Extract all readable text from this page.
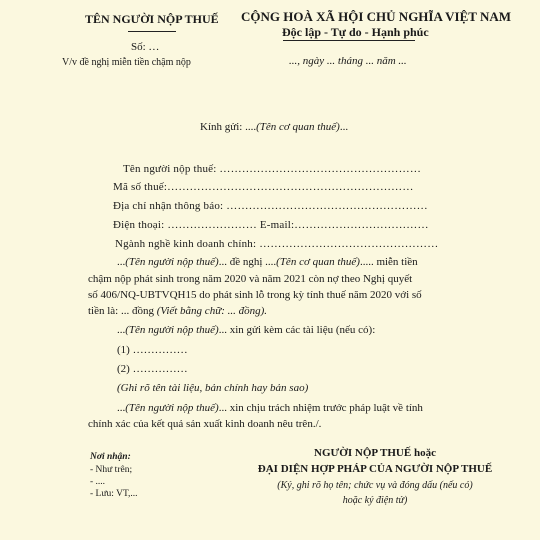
TÊN NGƯỜI NỘP THUẾ
Số: …
V/v đề nghị miễn tiền chậm nộp
CỘNG HOÀ XÃ HỘI CHỦ NGHĨA VIỆT NAM
Độc lập - Tự do - Hạnh phúc
..., ngày ... tháng ... năm ...
Kính gửi: ....(Tên cơ quan thuế)...
Tên người nộp thuế: ………………………………………………
Mã số thuế:…………………………………………………………
Địa chỉ nhận thông báo: ………………………………………………
Điện thoại: …………………… E-mail:………………………………
Ngành nghề kinh doanh chính: …………………………………………
...(Tên người nộp thuế)... đề nghị ....(Tên cơ quan thuế)..... miễn tiền
chậm nộp phát sinh trong năm 2020 và năm 2021 còn nợ theo Nghị quyết
số 406/NQ-UBTVQH15 do phát sinh lỗ trong kỳ tính thuế năm 2020 với số
tiền là: ... đồng (Viết bằng chữ: ... đồng).
...(Tên người nộp thuế)... xin gửi kèm các tài liệu (nếu có):
(1) ……………
(2) ……………
(Ghi rõ tên tài liệu, bản chính hay bản sao)
...(Tên người nộp thuế)... xin chịu trách nhiệm trước pháp luật về tính
chính xác của kết quả sản xuất kinh doanh nêu trên./.
Nơi nhận:
- Như trên;
- ....
- Lưu: VT,...
NGƯỜI NỘP THUẾ hoặc
ĐẠI DIỆN HỢP PHÁP CỦA NGƯỜI NỘP THUẾ
(Ký, ghi rõ họ tên; chức vụ và đóng dấu (nếu có)
hoặc ký điện tử)
